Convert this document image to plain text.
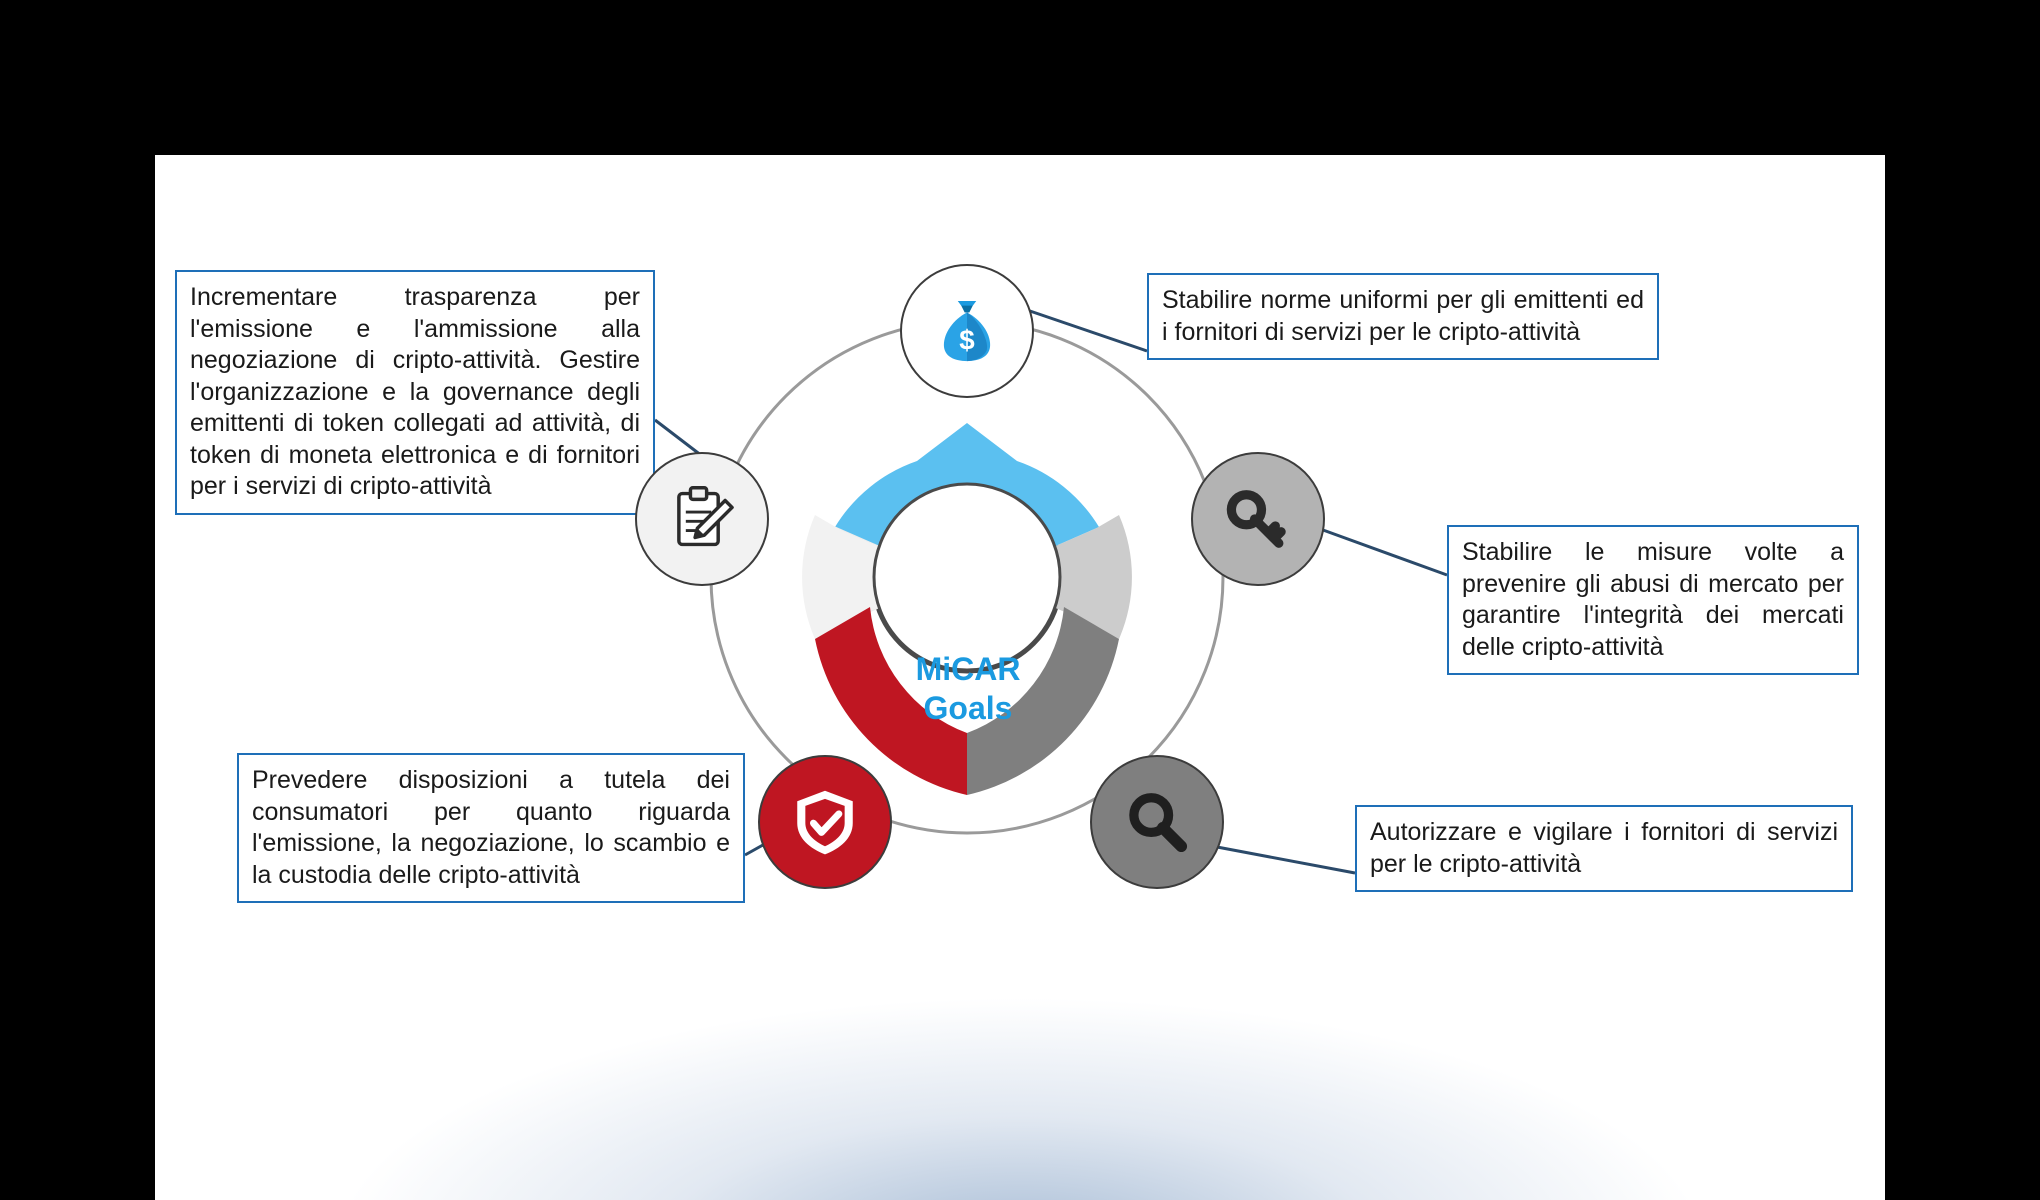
MiCAR
Goals
$
Incrementare trasparenza per l'emissione e l'ammissione alla negoziazione di cripto-attività. Gestire l'organizzazione e la governance degli emittenti di token collegati ad attività, di token di moneta elettronica e di fornitori per i servizi di cripto-attività
Stabilire norme uniformi per gli emittenti ed i fornitori di servizi per le cripto-attività
Stabilire le misure volte a prevenire gli abusi di mercato per garantire l'integrità dei mercati delle cripto-attività
Prevedere disposizioni a tutela dei consumatori per quanto riguarda l'emissione, la negoziazione, lo scambio e la custodia delle cripto-attività
Autorizzare e vigilare i fornitori di servizi per le cripto-attività
